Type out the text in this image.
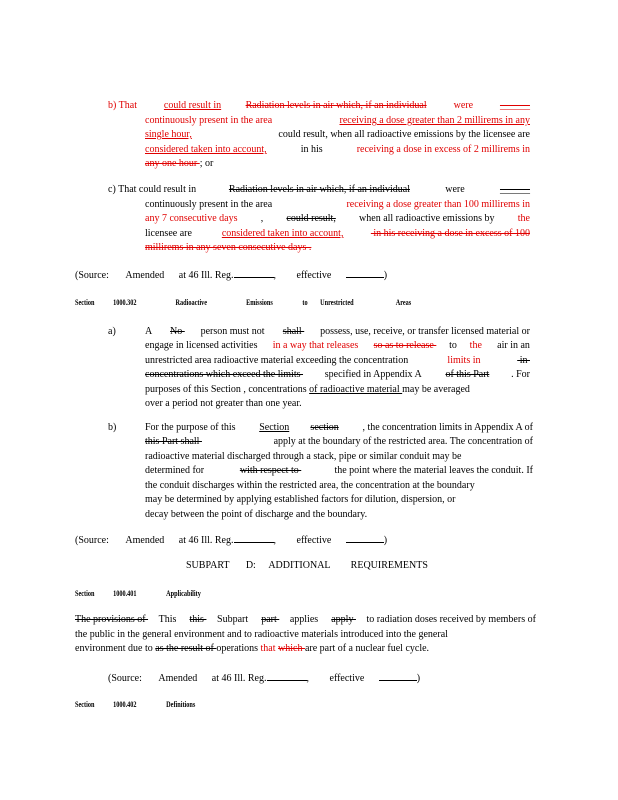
b) That could result in Radiation levels in air which, if an individual were ______
continuously present in the area	receiving a dose greater than 2 millirems in any
single hour,	could result, when all radioactive emissions by the licensee are
considered taken into account,	in his	receiving a dose in excess of 2 millirems in
any one hour ; or
c) That could result in	Radiation levels in air which, if an individual	were	______
continuously present in the area	receiving a dose greater than 100 millirems in
any 7 consecutive days , could result, when all radioactive emissions by the
licensee are	considered taken into account,	in his receiving a dose in excess of 100
millirems in any seven consecutive days .
(Source: Amended at 46 Ill. Reg.	, effective	)
Section 1000.302	Radioactive	Emissions	to Unrestricted	Areas
a)	A No person must not shall possess, use, receive, or transfer licensed material or
engage in licensed activities in a way that releases so as to release to the air in an
unrestricted area radioactive material exceeding the concentration	limits in	in
concentrations which exceed the limits specified in Appendix A of this Part . For
purposes of this Section , concentrations of radioactive material may be averaged
over a period not greater than one year.
b)	For the purpose of this Section section , the concentration limits in Appendix A of
this Part shall	apply at the boundary of the restricted area. The concentration of
radioactive material discharged through a stack, pipe or similar conduit may be
determined for	with respect to	the point where the material leaves the conduit. If
the conduit discharges within the restricted area, the concentration at the boundary
may be determined by applying established factors for dilution, dispersion, or
decay between the point of discharge and the boundary.
(Source: Amended at 46 Ill. Reg.	, effective	)
SUBPART D: ADDITIONAL REQUIREMENTS
Section 1000.401	Applicability
The provisions of This this Subpart part applies apply to radiation doses received by members of
the public in the general environment and to radioactive materials introduced into the general
environment due to as the result of operations that which are part of a nuclear fuel cycle.
(Source: Amended at 46 Ill. Reg.	, effective	)
Section 1000.402	Definitions
